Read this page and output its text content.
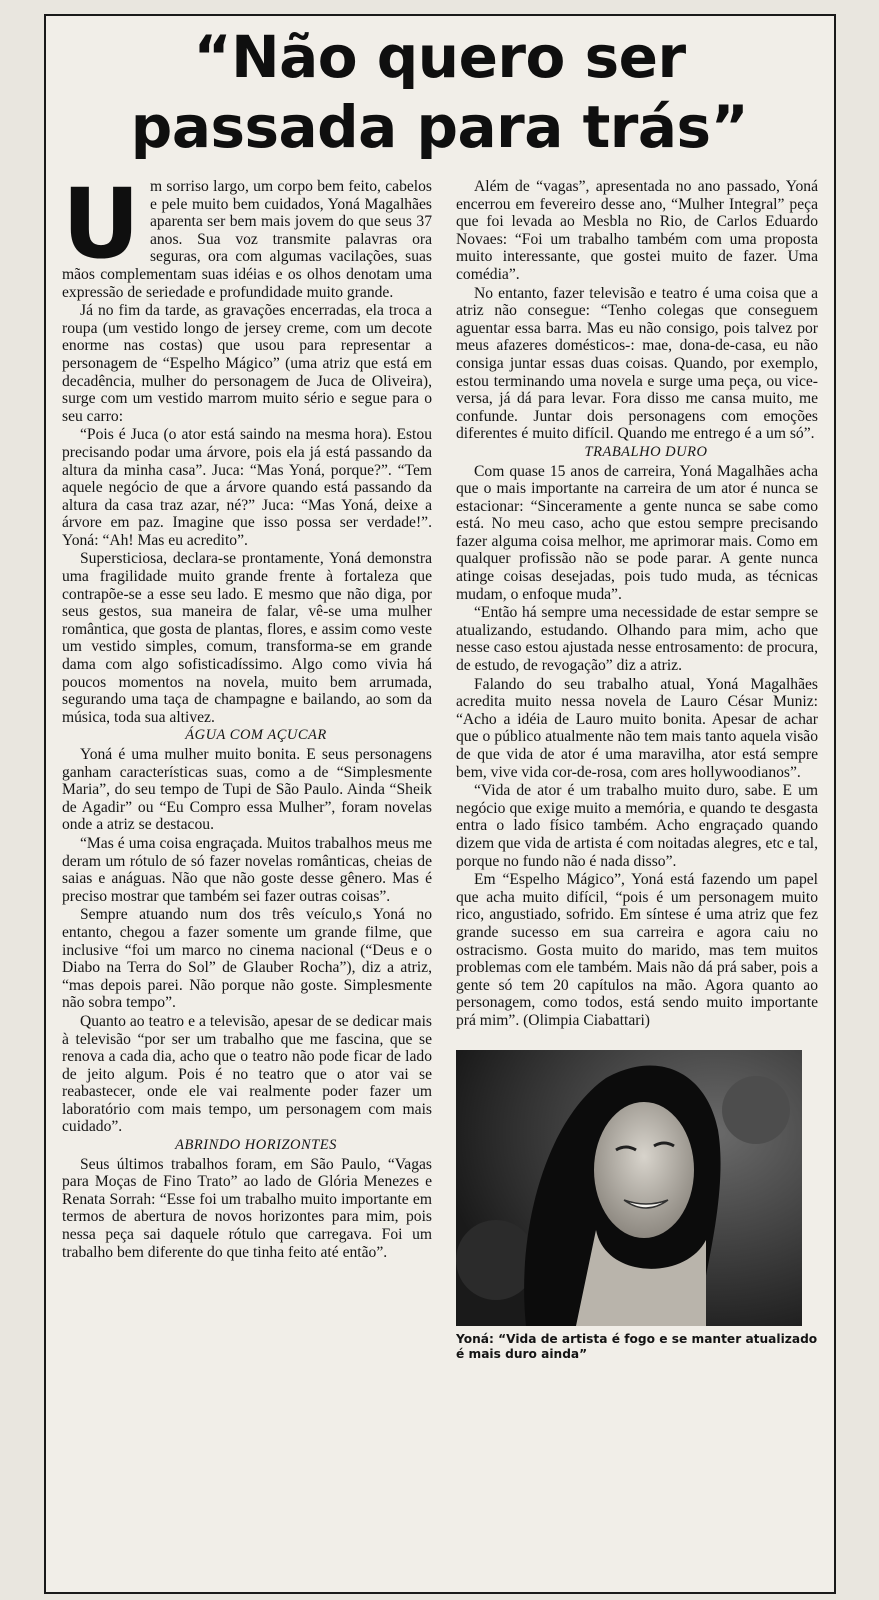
“Não quero ser
passada para trás”

Um sorriso largo, um corpo bem feito, cabelos e pele muito bem cuidados, Yoná Magalhães aparenta ser bem mais jovem do que seus 37 anos. Sua voz transmite palavras ora seguras, ora com algumas vacilações, suas mãos complementam suas idéias e os olhos denotam uma expressão de seriedade e profundidade muito grande.

Já no fim da tarde, as gravações encerradas, ela troca a roupa (um vestido longo de jersey creme, com um decote enorme nas costas) que usou para representar a personagem de “Espelho Mágico” (uma atriz que está em decadência, mulher do personagem de Juca de Oliveira), surge com um vestido marrom muito sério e segue para o seu carro:

“Pois é Juca (o ator está saindo na mesma hora). Estou precisando podar uma árvore, pois ela já está passando da altura da minha casa”. Juca: “Mas Yoná, porque?”. “Tem aquele negócio de que a árvore quando está passando da altura da casa traz azar, né?” Juca: “Mas Yoná, deixe a árvore em paz. Imagine que isso possa ser verdade!”. Yoná: “Ah! Mas eu acredito”.

Supersticiosa, declara-se prontamente, Yoná demonstra uma fragilidade muito grande frente à fortaleza que contrapõe-se a esse seu lado. E mesmo que não diga, por seus gestos, sua maneira de falar, vê-se uma mulher romântica, que gosta de plantas, flores, e assim como veste um vestido simples, comum, transforma-se em grande dama com algo sofisticadíssimo. Algo como vivia há poucos momentos na novela, muito bem arrumada, segurando uma taça de champagne e bailando, ao som da música, toda sua altivez.

ÁGUA COM AÇUCAR

Yoná é uma mulher muito bonita. E seus personagens ganham características suas, como a de “Simplesmente Maria”, do seu tempo de Tupi de São Paulo. Ainda “Sheik de Agadir” ou “Eu Compro essa Mulher”, foram novelas onde a atriz se destacou.

“Mas é uma coisa engraçada. Muitos trabalhos meus me deram um rótulo de só fazer novelas românticas, cheias de saias e anáguas. Não que não goste desse gênero. Mas é preciso mostrar que também sei fazer outras coisas”.

Sempre atuando num dos três veículo,s Yoná no entanto, chegou a fazer somente um grande filme, que inclusive “foi um marco no cinema nacional (“Deus e o Diabo na Terra do Sol” de Glauber Rocha”), diz a atriz, “mas depois parei. Não porque não goste. Simplesmente não sobra tempo”.

Quanto ao teatro e a televisão, apesar de se dedicar mais à televisão “por ser um trabalho que me fascina, que se renova a cada dia, acho que o teatro não pode ficar de lado de jeito algum. Pois é no teatro que o ator vai se reabastecer, onde ele vai realmente poder fazer um laboratório com mais tempo, um personagem com mais cuidado”.

ABRINDO HORIZONTES

Seus últimos trabalhos foram, em São Paulo, “Vagas para Moças de Fino Trato” ao lado de Glória Menezes e Renata Sorrah: “Esse foi um trabalho muito importante em termos de abertura de novos horizontes para mim, pois nessa peça sai daquele rótulo que carregava. Foi um trabalho bem diferente do que tinha feito até então”.

Além de “vagas”, apresentada no ano passado, Yoná encerrou em fevereiro desse ano, “Mulher Integral” peça que foi levada ao Mesbla no Rio, de Carlos Eduardo Novaes: “Foi um trabalho também com uma proposta muito interessante, que gostei muito de fazer. Uma comédia”.

No entanto, fazer televisão e teatro é uma coisa que a atriz não consegue: “Tenho colegas que conseguem aguentar essa barra. Mas eu não consigo, pois talvez por meus afazeres domésticos-: mae, dona-de-casa, eu não consiga juntar essas duas coisas. Quando, por exemplo, estou terminando uma novela e surge uma peça, ou vice-versa, já dá para levar. Fora disso me cansa muito, me confunde. Juntar dois personagens com emoções diferentes é muito difícil. Quando me entrego é a um só”.

TRABALHO DURO

Com quase 15 anos de carreira, Yoná Magalhães acha que o mais importante na carreira de um ator é nunca se estacionar: “Sinceramente a gente nunca se sabe como está. No meu caso, acho que estou sempre precisando fazer alguma coisa melhor, me aprimorar mais. Como em qualquer profissão não se pode parar. A gente nunca atinge coisas desejadas, pois tudo muda, as técnicas mudam, o enfoque muda”.

“Então há sempre uma necessidade de estar sempre se atualizando, estudando. Olhando para mim, acho que nesse caso estou ajustada nesse entrosamento: de procura, de estudo, de revogação” diz a atriz.

Falando do seu trabalho atual, Yoná Magalhães acredita muito nessa novela de Lauro César Muniz: “Acho a idéia de Lauro muito bonita. Apesar de achar que o público atualmente não tem mais tanto aquela visão de que vida de ator é uma maravilha, ator está sempre bem, vive vida cor-de-rosa, com ares hollywoodianos”.

“Vida de ator é um trabalho muito duro, sabe. E um negócio que exige muito a memória, e quando te desgasta entra o lado físico também. Acho engraçado quando dizem que vida de artista é com noitadas alegres, etc e tal, porque no fundo não é nada disso”.

Em “Espelho Mágico”, Yoná está fazendo um papel que acha muito difícil, “pois é um personagem muito rico, angustiado, sofrido. Em síntese é uma atriz que fez grande sucesso em sua carreira e agora caiu no ostracismo. Gosta muito do marido, mas tem muitos problemas com ele também. Mais não dá prá saber, pois a gente só tem 20 capítulos na mão. Agora quanto ao personagem, como todos, está sendo muito importante prá mim”. (Olimpia Ciabattari)

Yoná: “Vida de artista é fogo e se manter atualizado é mais duro ainda”
